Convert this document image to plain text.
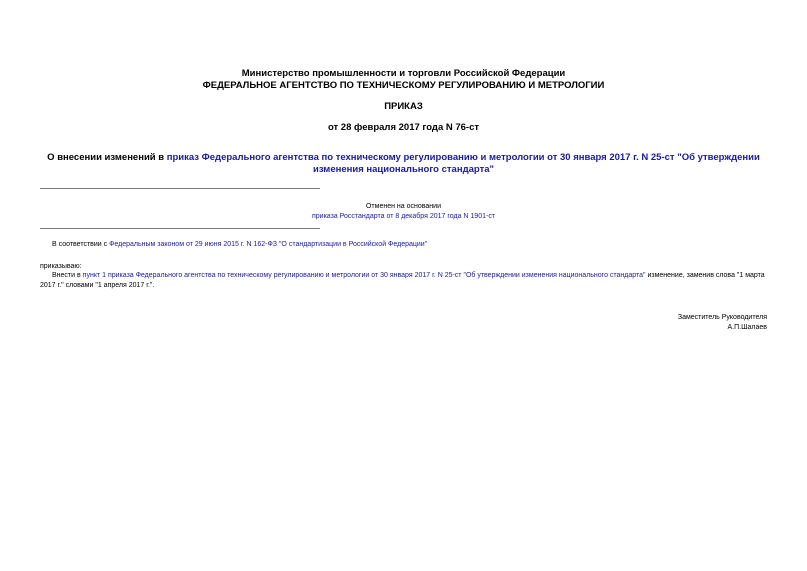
Министерство промышленности и торговли Российской Федерации
ФЕДЕРАЛЬНОЕ АГЕНТСТВО ПО ТЕХНИЧЕСКОМУ РЕГУЛИРОВАНИЮ И МЕТРОЛОГИИ
ПРИКАЗ
от 28 февраля 2017 года N 76-ст
О внесении изменений в приказ Федерального агентства по техническому регулированию и метрологии от 30 января 2017 г. N 25-ст "Об утверждении изменения национального стандарта"
Отменен на основании
приказа Росстандарта от 8 декабря 2017 года N 1901-ст
В соответствии с Федеральным законом от 29 июня 2015 г. N 162-ФЗ "О стандартизации в Российской Федерации"
приказываю:
Внести в пункт 1 приказа Федерального агентства по техническому регулированию и метрологии от 30 января 2017 г. N 25-ст "Об утверждении изменения национального стандарта" изменение, заменив слова "1 марта 2017 г." словами "1 апреля 2017 г.".
Заместитель Руководителя
А.П.Шалаев
